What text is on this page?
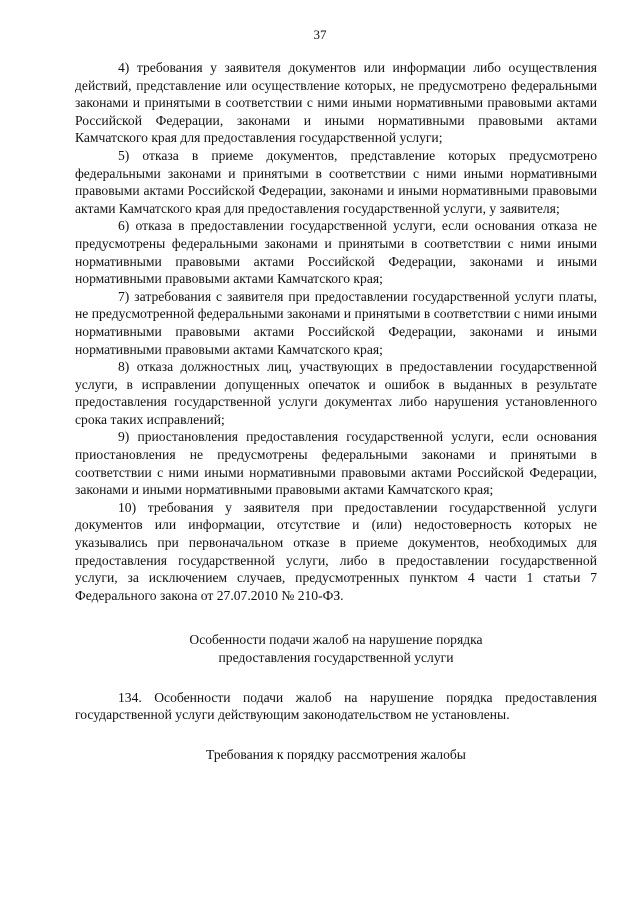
37

4) требования у заявителя документов или информации либо осуществления действий, представление или осуществление которых, не предусмотрено федеральными законами и принятыми в соответствии с ними иными нормативными правовыми актами Российской Федерации, законами и иными нормативными правовыми актами Камчатского края для предоставления государственной услуги;

5) отказа в приеме документов, представление которых предусмотрено федеральными законами и принятыми в соответствии с ними иными нормативными правовыми актами Российской Федерации, законами и иными нормативными правовыми актами Камчатского края для предоставления государственной услуги, у заявителя;

6) отказа в предоставлении государственной услуги, если основания отказа не предусмотрены федеральными законами и принятыми в соответствии с ними иными нормативными правовыми актами Российской Федерации, законами и иными нормативными правовыми актами Камчатского края;

7) затребования с заявителя при предоставлении государственной услуги платы, не предусмотренной федеральными законами и принятыми в соответствии с ними иными нормативными правовыми актами Российской Федерации, законами и иными нормативными правовыми актами Камчатского края;

8) отказа должностных лиц, участвующих в предоставлении государственной услуги, в исправлении допущенных опечаток и ошибок в выданных в результате предоставления государственной услуги документах либо нарушения установленного срока таких исправлений;

9) приостановления предоставления государственной услуги, если основания приостановления не предусмотрены федеральными законами и принятыми в соответствии с ними иными нормативными правовыми актами Российской Федерации, законами и иными нормативными правовыми актами Камчатского края;

10) требования у заявителя при предоставлении государственной услуги документов или информации, отсутствие и (или) недостоверность которых не указывались при первоначальном отказе в приеме документов, необходимых для предоставления государственной услуги, либо в предоставлении государственной услуги, за исключением случаев, предусмотренных пунктом 4 части 1 статьи 7 Федерального закона от 27.07.2010 № 210-ФЗ.

Особенности подачи жалоб на нарушение порядка

предоставления государственной услуги

134. Особенности подачи жалоб на нарушение порядка предоставления государственной услуги действующим законодательством не установлены.

Требования к порядку рассмотрения жалобы
